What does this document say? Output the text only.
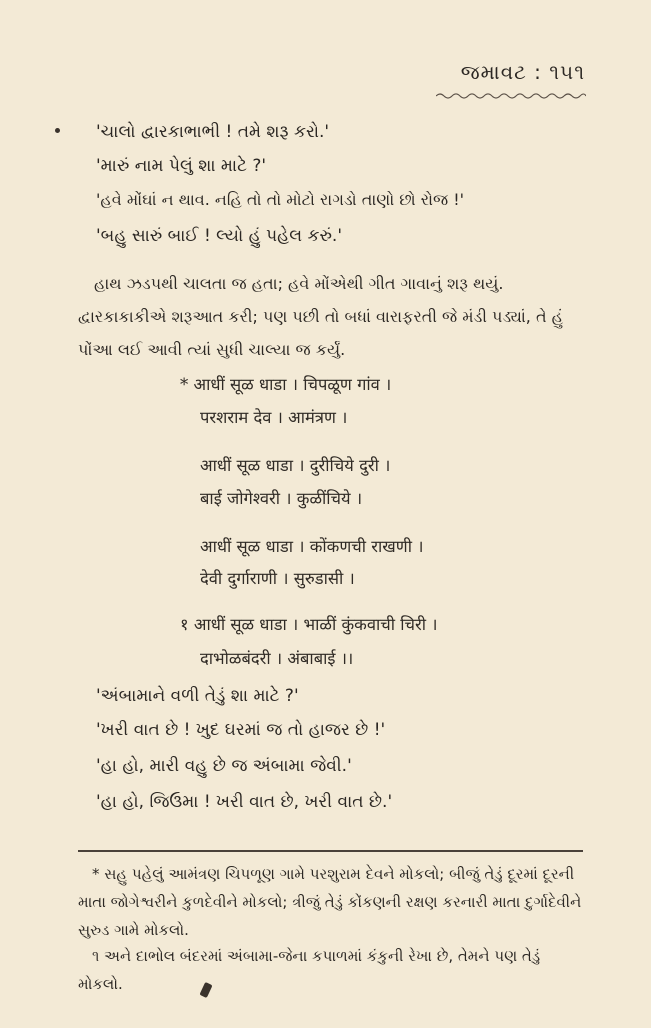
જમાવટ : ૧૫૧
'ચાલો દ્વારકાભાભી ! તમે શરૂ કરો.'
'મારું નામ પેલું શા માટે ?'
'હવે મોંઘાં ન થાવ. નહિ તો તો મોટો રાગડો તાણો છો રોજ !'
'બહુ સારું બાઈ ! લ્યો હું પહેલ કરું.'

હાથ ઝડપથી ચાલતા જ હતા; હવે મોંએથી ગીત ગાવાનું શરૂ થયું. દ્વારકાકાકીએ શરૂઆત કરી; પણ પછી તો બધાં વારાફરતી જે મંડી પડ્યાં, તે હું પોંઆ લઈ આવી ત્યાં સુધી ચાલ્યા જ કર્યું.

* आधीं सूळ धाडा । चिपळूण गांव ।
परशराम देव । आमंत्रण ।
आधीं सूळ धाडा । दुरीचिये दुरी ।
बाई जोगेश्वरी । कुळींचिये ।
आधीं सूळ धाडा । कोंकणची राखणी ।
देवी दुर्गाराणी । सुरुडासी ।
१ आधीं सूळ धाडा । भाळीं कुंकवाची चिरी ।
दाभोळबंदरी । अंबाबाई ।।
'અંબામાને વળી તેડું શા માટે ?'
'ખરી વાત છે ! ખુદ ઘરમાં જ તો હાજર છે !'
'હા હો, મારી વહુ છે જ અંબામા જેવી.'
'હા હો, જિઉમા ! ખરી વાત છે, ખરી વાત છે.'

* સહુ પહેલું આમંત્રણ ચિપળૂણ ગામે પરશુરામ દેવને મોકલો; બીજું તેડું દૂરમાં દૂરની માતા જોગેશ્વરીને કુળદેવીને મોકલો; ત્રીજું તેડું કોંકણની રક્ષણ કરનારી માતા દુર્ગાદેવીને સુરુડ ગામે મોકલો.

૧ અને દાભોલ બંદરમાં અંબામા-જેના કપાળમાં કંકુની રેખા છે, તેમને પણ તેડું મોકલો.
